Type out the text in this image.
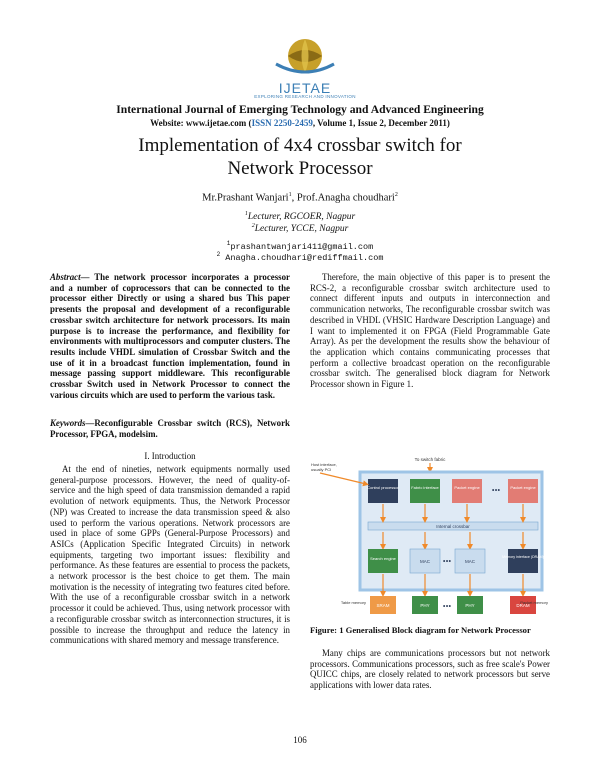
IJETAE
EXPLORING RESEARCH AND INNOVATION
International Journal of Emerging Technology and Advanced Engineering
Website: www.ijetae.com (ISSN 2250-2459, Volume 1, Issue 2, December 2011)
Implementation of 4x4 crossbar switch for
Network Processor
Mr.Prashant Wanjari$^1$, Prof.Anagha choudhari$^2$
$^1$Lecturer, RGCOER, Nagpur
$^2$Lecturer, YCCE, Nagpur
$^1$prashantwanjari411@gmail.com
$^2$ Anagha.choudhari@rediffmail.com
Abstract— The network processor incorporates a processor and a number of coprocessors that can be connected to the processor either Directly or using a shared bus This paper presents the proposal and development of a reconfigurable crossbar switch architecture for network processors. Its main purpose is to increase the performance, and flexibility for environments with multiprocessors and computer clusters. The results include VHDL simulation of Crossbar Switch and the use of it in a broadcast function implementation, found in message passing support middleware. This reconfigurable crossbar Switch used in Network Processor to connect the various circuits which are used to perform the various task.
Keywords—Reconfigurable Crossbar switch (RCS), Network Processor, FPGA, modelsim.
I. Introduction
At the end of nineties, network equipments normally used general-purpose processors. However, the need of quality-of-service and the high speed of data transmission demanded a rapid evolution of network equipments. Thus, the Network Processor (NP) was Created to increase the data transmission speed & also used to perform the various operations. Network processors are used in place of some GPPs (General-Purpose Processors) and ASICs (Application Specific Integrated Circuits) in network equipments, targeting two important issues: flexibility and performance. As these features are essential to process the packets, a network processor is the best choice to get them. The main motivation is the necessity of integrating two features cited before. With the use of a reconfigurable crossbar switch in a network processor it could be achieved. Thus, using network processor with a reconfigurable crossbar switch as interconnection structures, it is possible to increase the throughput and reduce the latency in communications with shared memory and message transference.
Therefore, the main objective of this paper is to present the RCS-2, a reconfigurable crossbar switch architecture used to connect different inputs and outputs in interconnection and communication networks, The reconfigurable crossbar switch was described in VHDL (VHSIC Hardware Description Language) and I want to implemented it on FPGA (Field Programmable Gate Array). As per the development the results show the behaviour of the application which contains communicating processes that perform a collective broadcast operation on the reconfigurable crossbar switch. The generalised block diagram for Network Processor shown in Figure 1.
To switch fabric
Host interface,
usually PCI
Control processor	Fabric interface	Packet engine •••	Packet engine
Internal crossbar
Search engine
MAC •••	MAC
Memory interface (DRAM)
SRAM	PHY •••	PHY	DRAM
Table memory	Packet memory
Figure: 1 Generalised Block diagram for Network Processor
Many chips are communications processors but not network processors. Communications processors, such as free scale's Power QUICC chips, are closely related to network processors but serve applications with lower data rates.
106
